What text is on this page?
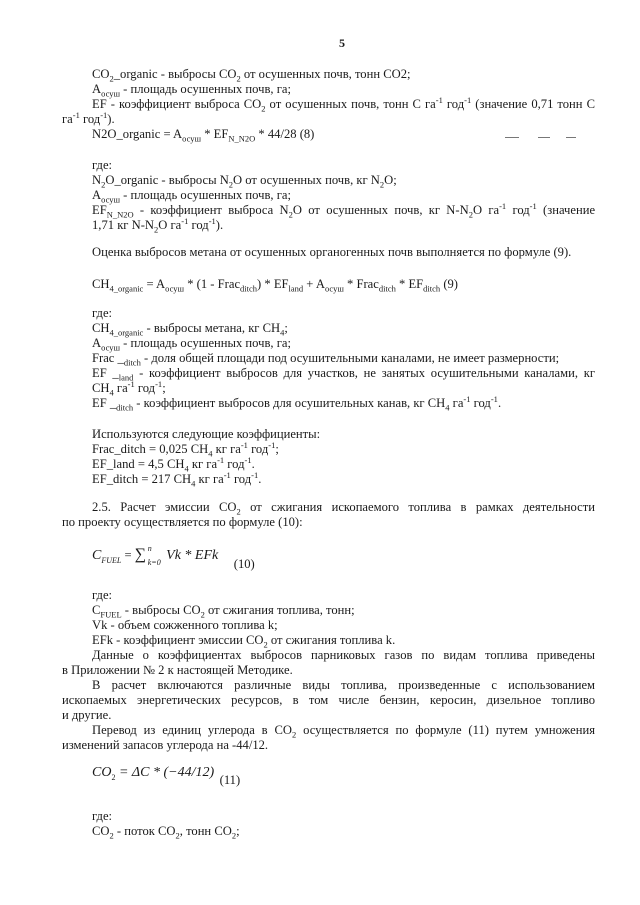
5
$CO_2\_organic$ - выбросы $CO_2$ от осушенных почв, тонн CO2;
$A_{осуш}$ - площадь осушенных почв, га;
EF - коэффициент выброса $CO_2$ от осушенных почв, тонн C $га^{-1}$ год$^{-1}$ (значение 0,71 тонн C
$га^{-1}$ год$^{-1}$).
N2O_organic = $A_{осуш} * EF_{N\_N2O} * 44/28$ (8)
где:
$N_2O\_organic$ - выбросы $N_2O$ от осушенных почв, кг $N_2O$;
$A_{осуш}$ - площадь осушенных почв, га;
$EF_{N\_N2O}$ - коэффициент выброса $N_2O$ от осушенных почв, кг $N-N_2O$ $га^{-1}$ год$^{-1}$ (значение
1,71 кг $N-N_2O$ $га^{-1}$ год$^{-1}$).
Оценка выбросов метана от осушенных органогенных почв выполняется по формуле (9).
$CH_{4\_organic} = A_{осуш} * (1$ - Frac$_{ditch}$) * $EF_{land} + A_{осуш}$ * Frac$_{ditch}$ * $EF_{ditch}$ (9)
где:
$CH_{4\_organic}$ - выбросы метана, кг $CH_4$;
$A_{осуш}$ - площадь осушенных почв, га;
Frac $\__{ditch}$ - доля общей площади под осушительными каналами, не имеет размерности;
EF $\__{land}$ - коэффициент выбросов для участков, не занятых осушительными каналами, кг
$CH_4$ $га^{-1}$ год$^{-1}$;
EF $\__{ditch}$ - коэффициент выбросов для осушительных канав, кг $CH_4$ $га^{-1}$ год$^{-1}$.
Используются следующие коэффициенты:
Frac_ditch = 0,025 $CH_4$ кг $га^{-1}$ год$^{-1}$;
EF_land = 4,5 $CH_4$ кг $га^{-1}$ год$^{-1}$.
EF_ditch = 217 $CH_4$ кг $га^{-1}$ год$^{-1}$.
2.5. Расчет эмиссии $CO_2$ от сжигания ископаемого топлива в рамках деятельности
по проекту осуществляется по формуле (10):
$C_{FUEL}$ = ∑ n
k=0 Vk * EFk (10)
где:
$C_{FUEL}$ - выбросы $CO_2$ от сжигания топлива, тонн;
Vk - объем сожженного топлива k;
EFk - коэффициент эмиссии $CO_2$ от сжигания топлива k.
Данные о коэффициентах выбросов парниковых газов по видам топлива приведены
в Приложении № 2 к настоящей Методике.
В расчет включаются различные виды топлива, произведенные с использованием
ископаемых энергетических ресурсов, в том числе бензин, керосин, дизельное топливо
и другие.
Перевод из единиц углерода в $CO_2$ осуществляется по формуле (11) путем умножения
изменений запасов углерода на -44/12.
$CO_2 = \Delta C * (-44/12)$ (11)
где:
$CO_2$ - поток $CO_2$, тонн $CO_2$;
